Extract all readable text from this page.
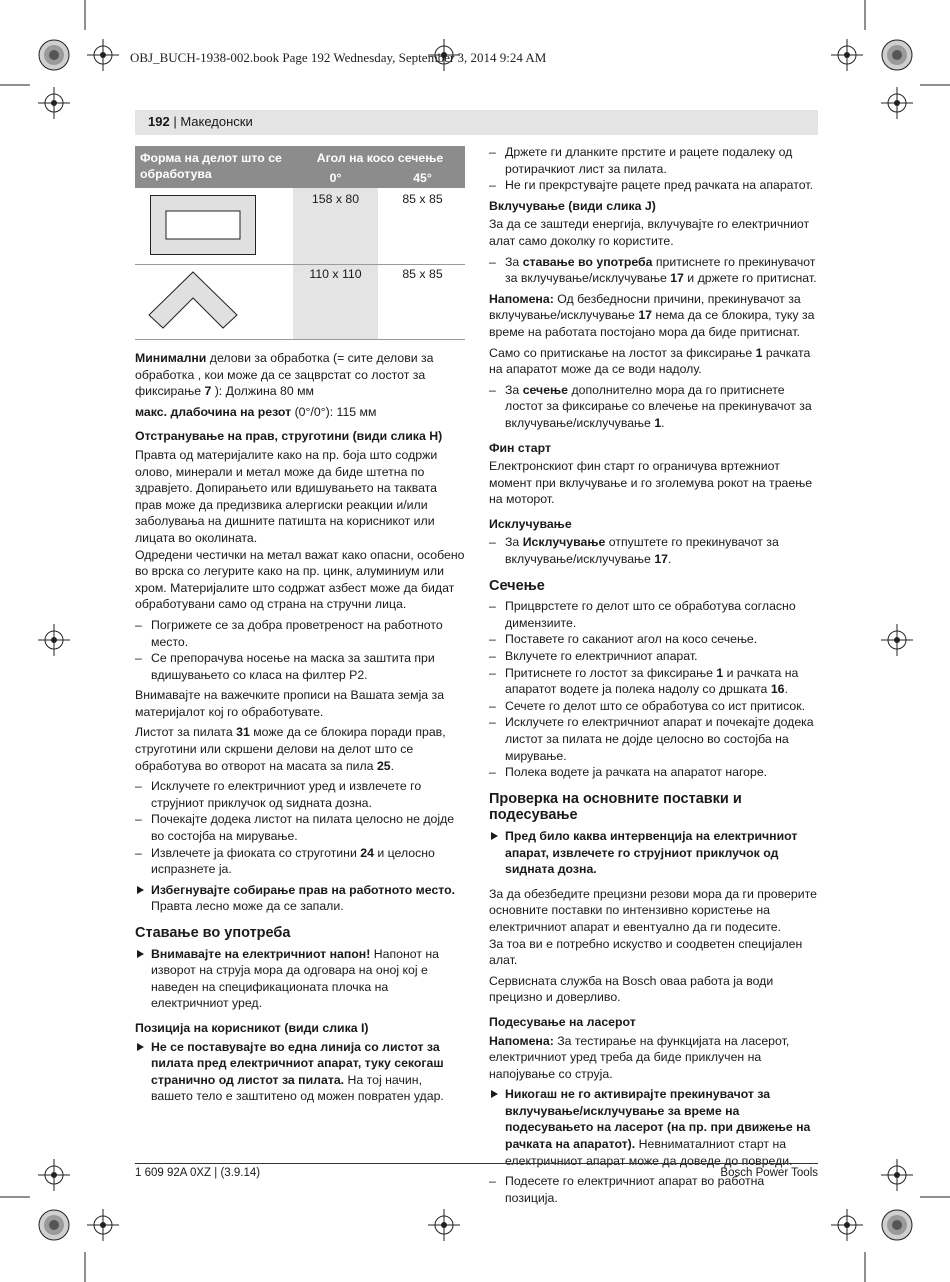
OBJ_BUCH-1938-002.book Page 192 Wednesday, September 3, 2014 9:24 AM
192 | Македонски
Форма на делот што се обработува
Агол на косо сечење
0°	45°
158 x 80	85 x 85
110 x 110	85 x 85

Минимални делови за обработка (= сите делови за обработка , кои може да се зацврстат со лостот за фиксирање 7 ): Должина 80 мм

макс. длабочина на резот (0°/0°): 115 мм

Отстранување на прав, струготини (види слика H)

Правта од материјалите како на пр. боја што содржи олово, минерали и метал може да биде штетна по здравјето. Допирањето или вдишувањето на таквата прав може да предизвика алергиски реакции и/или заболувања на дишните патишта на корисникот или лицата во околината.

Одредени честички на метал важат како опасни, особено во врска со легурите како на пр. цинк, алуминиум или хром. Материјалите што содржат азбест може да бидат обработувани само од страна на стручни лица.

– Погрижете се за добра проветреност на работното место.
– Се препорачува носење на маска за заштита при вдишувањето со класа на филтер P2.

Внимавајте на важечките прописи на Вашата земја за материјалот кој го обработувате.

Листот за пилата 31 може да се блокира поради прав, струготини или скршени делови на делот што се обработува во отворот на масата за пила 25.

– Исклучете го електричниот уред и извлечете го струјниот приклучок од ѕидната дозна.
– Почекајте додека листот на пилата целосно не дојде во состојба на мирување.
– Извлечете ја фиоката со струготини 24 и целосно испразнете ја.
Избегнувајте собирање прав на работното место. Правта лесно може да се запали.
Ставање во употреба
Внимавајте на електричниот напон! Напонот на изворот на струја мора да одговара на оној кој е наведен на спецификационата плочка на електричниот уред.
Позиција на корисникот (види слика I)
Не се поставувајте во една линија со листот за пилата пред електричниот апарат, туку секогаш странично од листот за пилата. На тој начин, вашето тело е заштитено од можен повратен удар.
– Држете ги дланките прстите и рацете подалеку од ротирачкиот лист за пилата.
– Не ги прекрстувајте рацете пред рачката на апаратот.
Вклучување (види слика J)

За да се заштеди енергија, вклучувајте го електричниот алат само доколку го користите.

– За ставање во употреба притиснете го прекинувачот за вклучување/исклучување 17 и држете го притиснат.

Напомена: Од безбедносни причини, прекинувачот за вклучување/исклучување 17 нема да се блокира, туку за време на работата постојано мора да биде притиснат.

Само со притискање на лостот за фиксирање 1 рачката на апаратот може да се води надолу.

– За сечење дополнително мора да го притиснете лостот за фиксирање со влечење на прекинувачот за вклучување/исклучување 1.
Фин старт

Електронскиот фин старт го ограничува вртежниот момент при вклучување и го зголемува рокот на траење на моторот.

Исклучување
– За Исклучување отпуштете го прекинувачот за вклучување/исклучување 17.
Сечење
– Прицврстете го делот што се обработува согласно димензиите.
– Поставете го саканиот агол на косо сечење.
– Вклучете го електричниот апарат.
– Притиснете го лостот за фиксирање 1 и рачката на апаратот водете ја полека надолу со дршката 16.
– Сечете го делот што се обработува со ист притисок.
– Исклучете го електричниот апарат и почекајте додека листот за пилата не дојде целосно во состојба на мирување.
– Полека водете ја рачката на апаратот нагоре.
Проверка на основните поставки и подесување
Пред било каква интервенција на електричниот апарат, извлечете го струјниот приклучок од ѕидната дозна.

За да обезбедите прецизни резови мора да ги проверите основните поставки по интензивно користење на електричниот апарат и евентуално да ги подесите.

За тоа ви е потребно искуство и соодветен специјален алат.

Сервисната служба на Bosch оваа работа ја води прецизно и доверливо.

Подесување на ласерот

Напомена: За тестирање на функцијата на ласерот, електричниот уред треба да биде приклучен на напојување со струја.

Никогаш не го активирајте прекинувачот за вклучување/исклучување за време на подесувањето на ласерот (на пр. при движење на рачката на апаратот). Невниматалниот старт на електричниот апарат може да доведе до повреди.
– Подесете го електричниот апарат во работна позиција.
1 609 92A 0XZ | (3.9.14)	Bosch Power Tools
